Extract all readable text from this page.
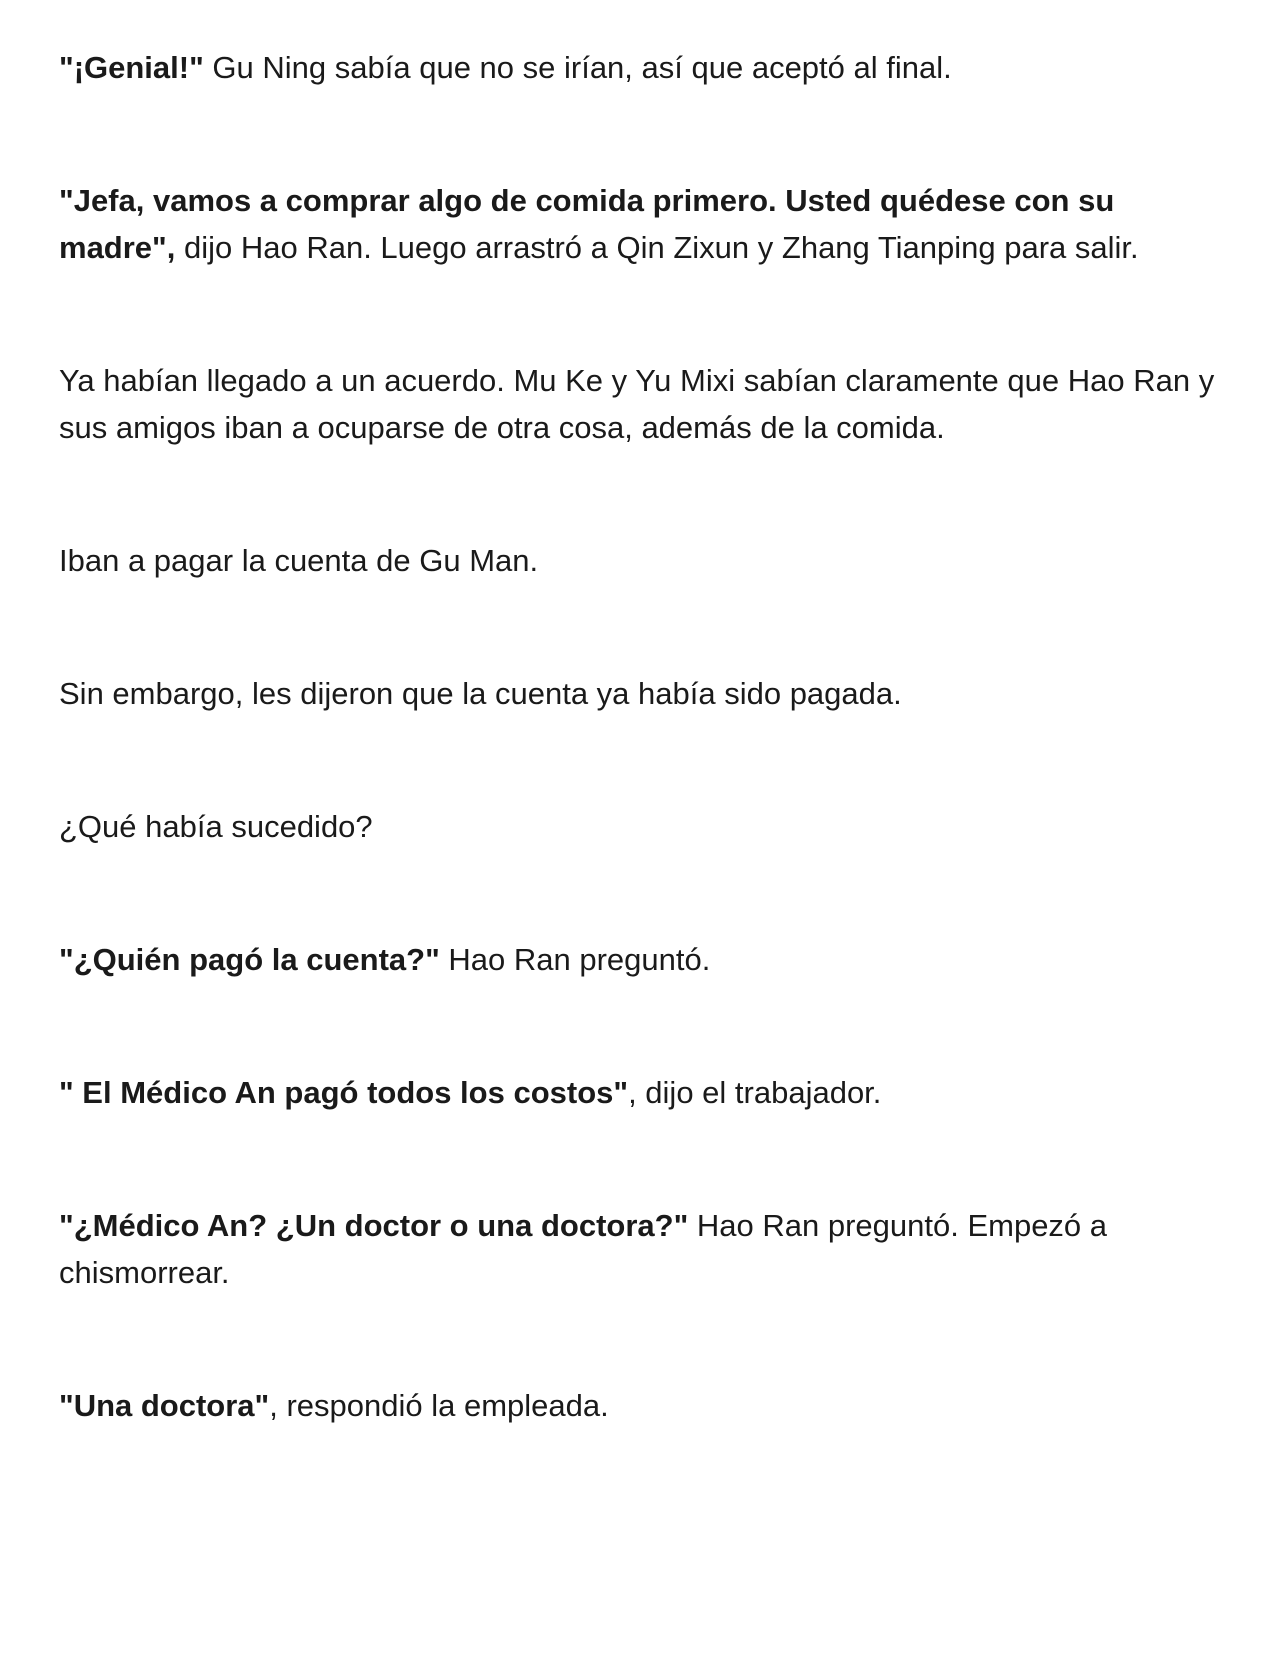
"¡Genial!" Gu Ning sabía que no se irían, así que aceptó al final.

"Jefa, vamos a comprar algo de comida primero. Usted quédese con su madre", dijo Hao Ran. Luego arrastró a Qin Zixun y Zhang Tianping para salir.

Ya habían llegado a un acuerdo. Mu Ke y Yu Mixi sabían claramente que Hao Ran y sus amigos iban a ocuparse de otra cosa, además de la comida.

Iban a pagar la cuenta de Gu Man.

Sin embargo, les dijeron que la cuenta ya había sido pagada.

¿Qué había sucedido?

"¿Quién pagó la cuenta?" Hao Ran preguntó.

" El Médico An pagó todos los costos", dijo el trabajador.

"¿Médico An? ¿Un doctor o una doctora?" Hao Ran preguntó. Empezó a chismorrear.

"Una doctora", respondió la empleada.
